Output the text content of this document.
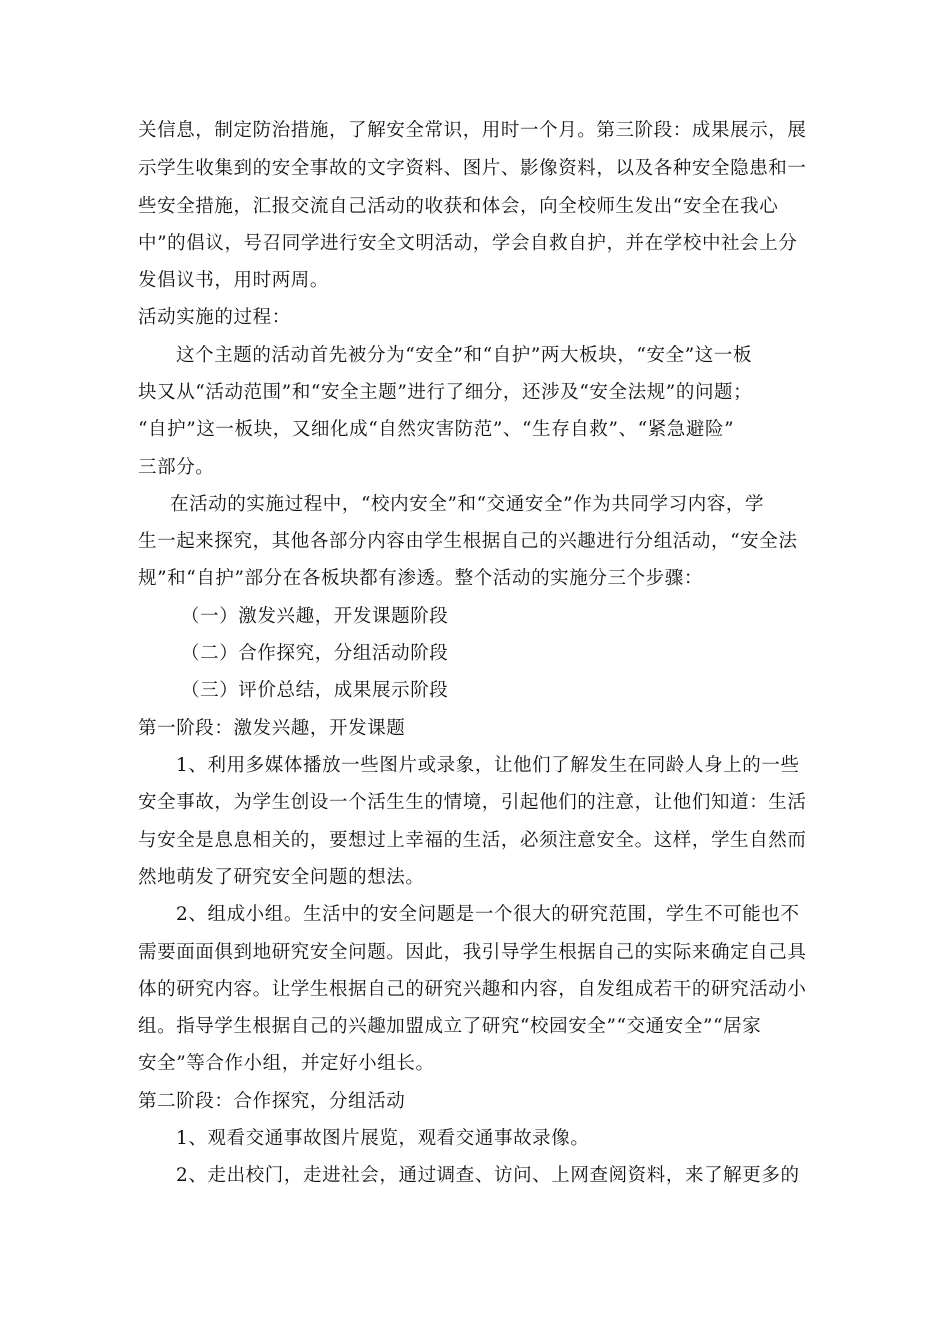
关信息，制定防治措施，了解安全常识，用时一个月。第三阶段：成果展示，展
示学生收集到的安全事故的文字资料、图片、影像资料，以及各种安全隐患和一
些安全措施，汇报交流自己活动的收获和体会，向全校师生发出“安全在我心
中”的倡议，号召同学进行安全文明活动，学会自救自护，并在学校中社会上分
发倡议书，用时两周。
活动实施的过程：
这个主题的活动首先被分为“安全”和“自护”两大板块，“安全”这一板
块又从“活动范围”和“安全主题”进行了细分，还涉及“安全法规”的问题；
“自护”这一板块，又细化成“自然灾害防范”、“生存自救”、“紧急避险”
三部分。
在活动的实施过程中，“校内安全”和“交通安全”作为共同学习内容，学
生一起来探究，其他各部分内容由学生根据自己的兴趣进行分组活动，“安全法
规”和“自护”部分在各板块都有渗透。整个活动的实施分三个步骤：
（一）激发兴趣，开发课题阶段
（二）合作探究，分组活动阶段
（三）评价总结，成果展示阶段
第一阶段：激发兴趣，开发课题
1、利用多媒体播放一些图片或录象，让他们了解发生在同龄人身上的一些
安全事故，为学生创设一个活生生的情境，引起他们的注意，让他们知道：生活
与安全是息息相关的，要想过上幸福的生活，必须注意安全。这样，学生自然而
然地萌发了研究安全问题的想法。
2、组成小组。生活中的安全问题是一个很大的研究范围，学生不可能也不
需要面面俱到地研究安全问题。因此，我引导学生根据自己的实际来确定自己具
体的研究内容。让学生根据自己的研究兴趣和内容，自发组成若干的研究活动小
组。指导学生根据自己的兴趣加盟成立了研究“校园安全”“交通安全”“居家
安全”等合作小组，并定好小组长。
第二阶段：合作探究，分组活动
1、观看交通事故图片展览，观看交通事故录像。
2、走出校门，走进社会，通过调查、访问、上网查阅资料，来了解更多的
